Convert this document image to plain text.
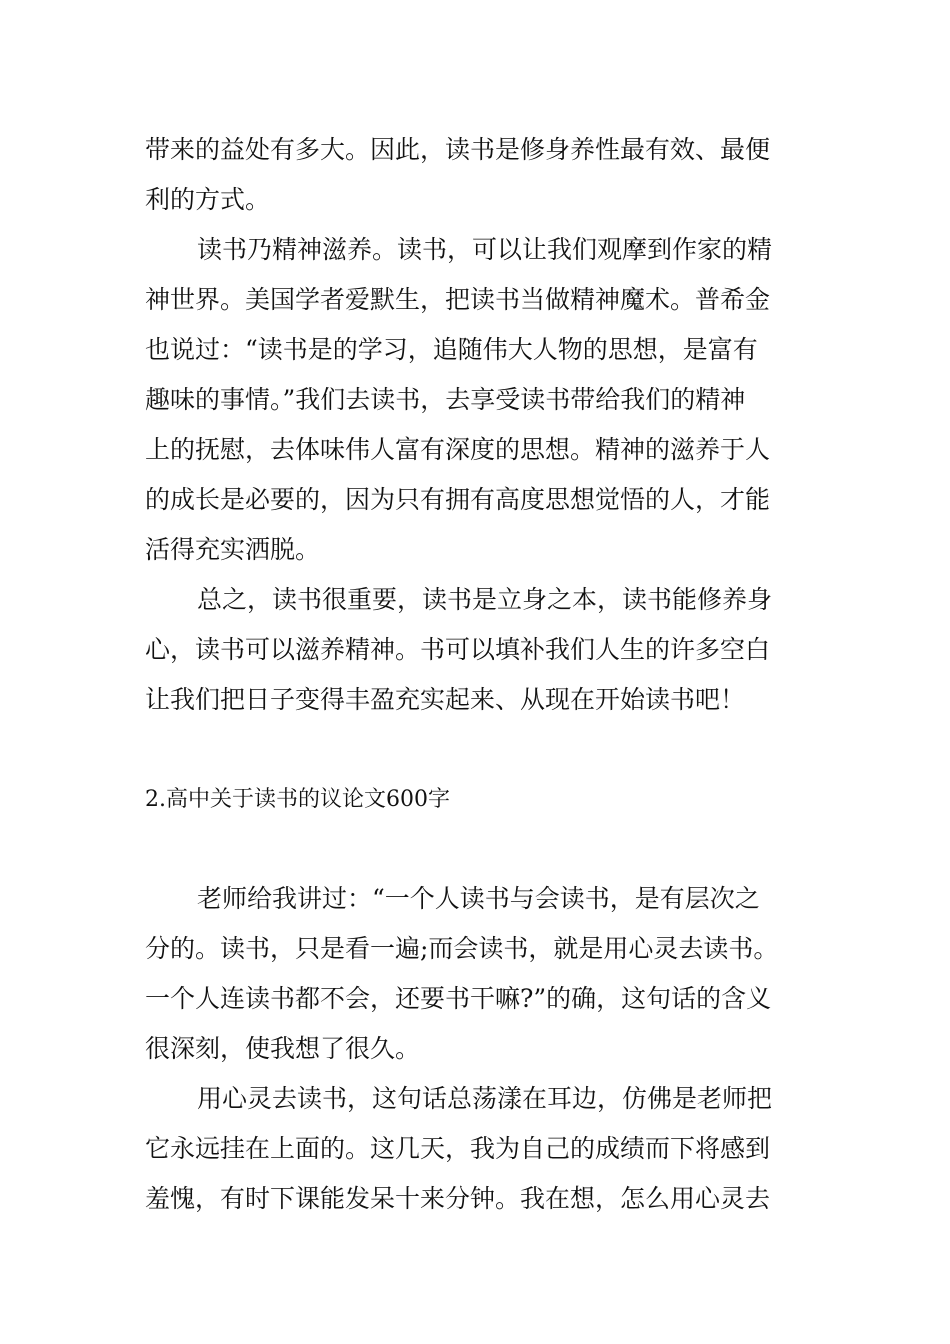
带来的益处有多大。因此，读书是修身养性最有效、最便
利的方式。
读书乃精神滋养。读书，可以让我们观摩到作家的精
神世界。美国学者爱默生，把读书当做精神魔术。普希金
也说过：“读书是的学习，追随伟大人物的思想，是富有
趣味的事情。”我们去读书，去享受读书带给我们的精神
上的抚慰，去体味伟人富有深度的思想。精神的滋养于人
的成长是必要的，因为只有拥有高度思想觉悟的人，才能
活得充实洒脱。
总之，读书很重要，读书是立身之本，读书能修养身
心，读书可以滋养精神。书可以填补我们人生的许多空白
让我们把日子变得丰盈充实起来、从现在开始读书吧！
2.高中关于读书的议论文600字
老师给我讲过：“一个人读书与会读书，是有层次之
分的。读书，只是看一遍;而会读书，就是用心灵去读书。
一个人连读书都不会，还要书干嘛?”的确，这句话的含义
很深刻，使我想了很久。
用心灵去读书，这句话总荡漾在耳边，仿佛是老师把
它永远挂在上面的。这几天，我为自己的成绩而下将感到
羞愧，有时下课能发呆十来分钟。我在想，怎么用心灵去
